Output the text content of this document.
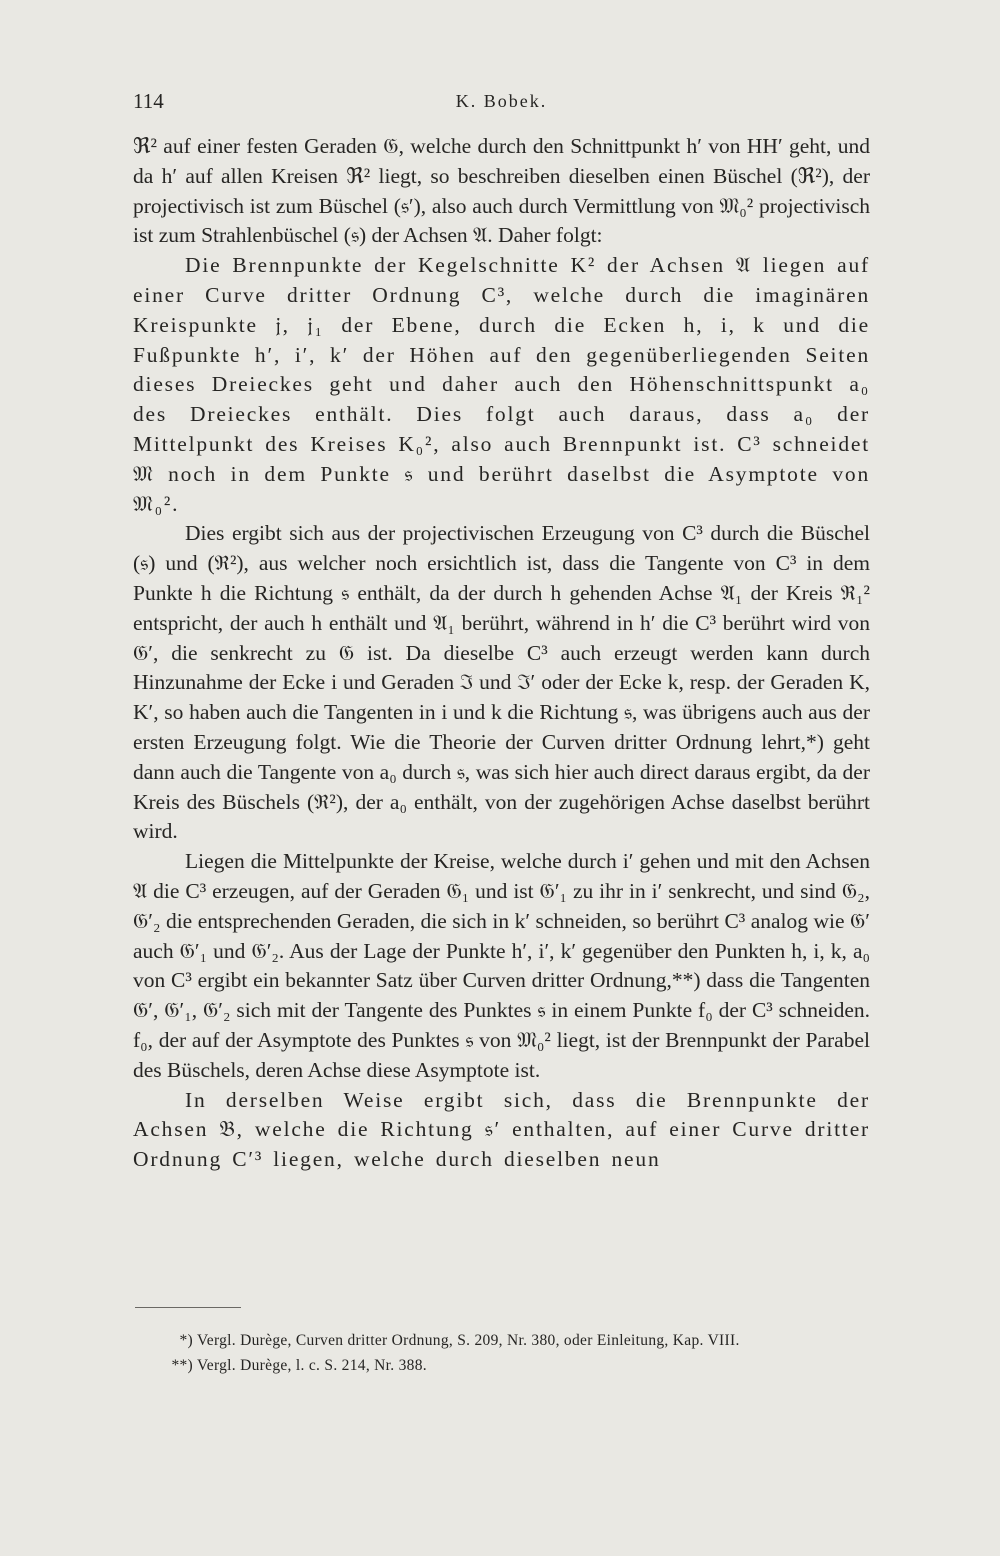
114	K. Bobek.

ℜ² auf einer festen Geraden 𝔊, welche durch den Schnittpunkt h′ von HH′ geht, und da h′ auf allen Kreisen ℜ² liegt, so beschreiben dieselben einen Büschel (ℜ²), der projectivisch ist zum Büschel (𝔰′), also auch durch Vermittlung von 𝔐₀² projectivisch ist zum Strahlenbüschel (𝔰) der Achsen 𝔄. Daher folgt:

Die Brennpunkte der Kegelschnitte K² der Achsen 𝔄 liegen auf einer Curve dritter Ordnung C³, welche durch die imaginären Kreispunkte 𝔧, 𝔧₁ der Ebene, durch die Ecken h, i, k und die Fußpunkte h′, i′, k′ der Höhen auf den gegenüberliegenden Seiten dieses Dreieckes geht und daher auch den Höhenschnittspunkt a₀ des Dreieckes enthält. Dies folgt auch daraus, dass a₀ der Mittelpunkt des Kreises K₀², also auch Brennpunkt ist. C³ schneidet 𝔐 noch in dem Punkte 𝔰 und berührt daselbst die Asymptote von 𝔐₀².

Dies ergibt sich aus der projectivischen Erzeugung von C³ durch die Büschel (𝔰) und (ℜ²), aus welcher noch ersichtlich ist, dass die Tangente von C³ in dem Punkte h die Richtung 𝔰 enthält, da der durch h gehenden Achse 𝔄₁ der Kreis ℜ₁² entspricht, der auch h enthält und 𝔄₁ berührt, während in h′ die C³ berührt wird von 𝔊′, die senkrecht zu 𝔊 ist. Da dieselbe C³ auch erzeugt werden kann durch Hinzunahme der Ecke i und Geraden ℑ und ℑ′ oder der Ecke k, resp. der Geraden K, K′, so haben auch die Tangenten in i und k die Richtung 𝔰, was übrigens auch aus der ersten Erzeugung folgt. Wie die Theorie der Curven dritter Ordnung lehrt,*) geht dann auch die Tangente von a₀ durch 𝔰, was sich hier auch direct daraus ergibt, da der Kreis des Büschels (ℜ²), der a₀ enthält, von der zugehörigen Achse daselbst berührt wird.

Liegen die Mittelpunkte der Kreise, welche durch i′ gehen und mit den Achsen 𝔄 die C³ erzeugen, auf der Geraden 𝔊₁ und ist 𝔊′₁ zu ihr in i′ senkrecht, und sind 𝔊₂, 𝔊′₂ die entsprechenden Geraden, die sich in k′ schneiden, so berührt C³ analog wie 𝔊′ auch 𝔊′₁ und 𝔊′₂. Aus der Lage der Punkte h′, i′, k′ gegenüber den Punkten h, i, k, a₀ von C³ ergibt ein bekannter Satz über Curven dritter Ordnung,**) dass die Tangenten 𝔊′, 𝔊′₁, 𝔊′₂ sich mit der Tangente des Punktes 𝔰 in einem Punkte f₀ der C³ schneiden. f₀, der auf der Asymptote des Punktes 𝔰 von 𝔐₀² liegt, ist der Brennpunkt der Parabel des Büschels, deren Achse diese Asymptote ist.

In derselben Weise ergibt sich, dass die Brennpunkte der Achsen 𝔅, welche die Richtung 𝔰′ enthalten, auf einer Curve dritter Ordnung C′³ liegen, welche durch dieselben neun

*) Vergl. Durège, Curven dritter Ordnung, S. 209, Nr. 380, oder Einleitung, Kap. VIII.
**) Vergl. Durège, l. c. S. 214, Nr. 388.
